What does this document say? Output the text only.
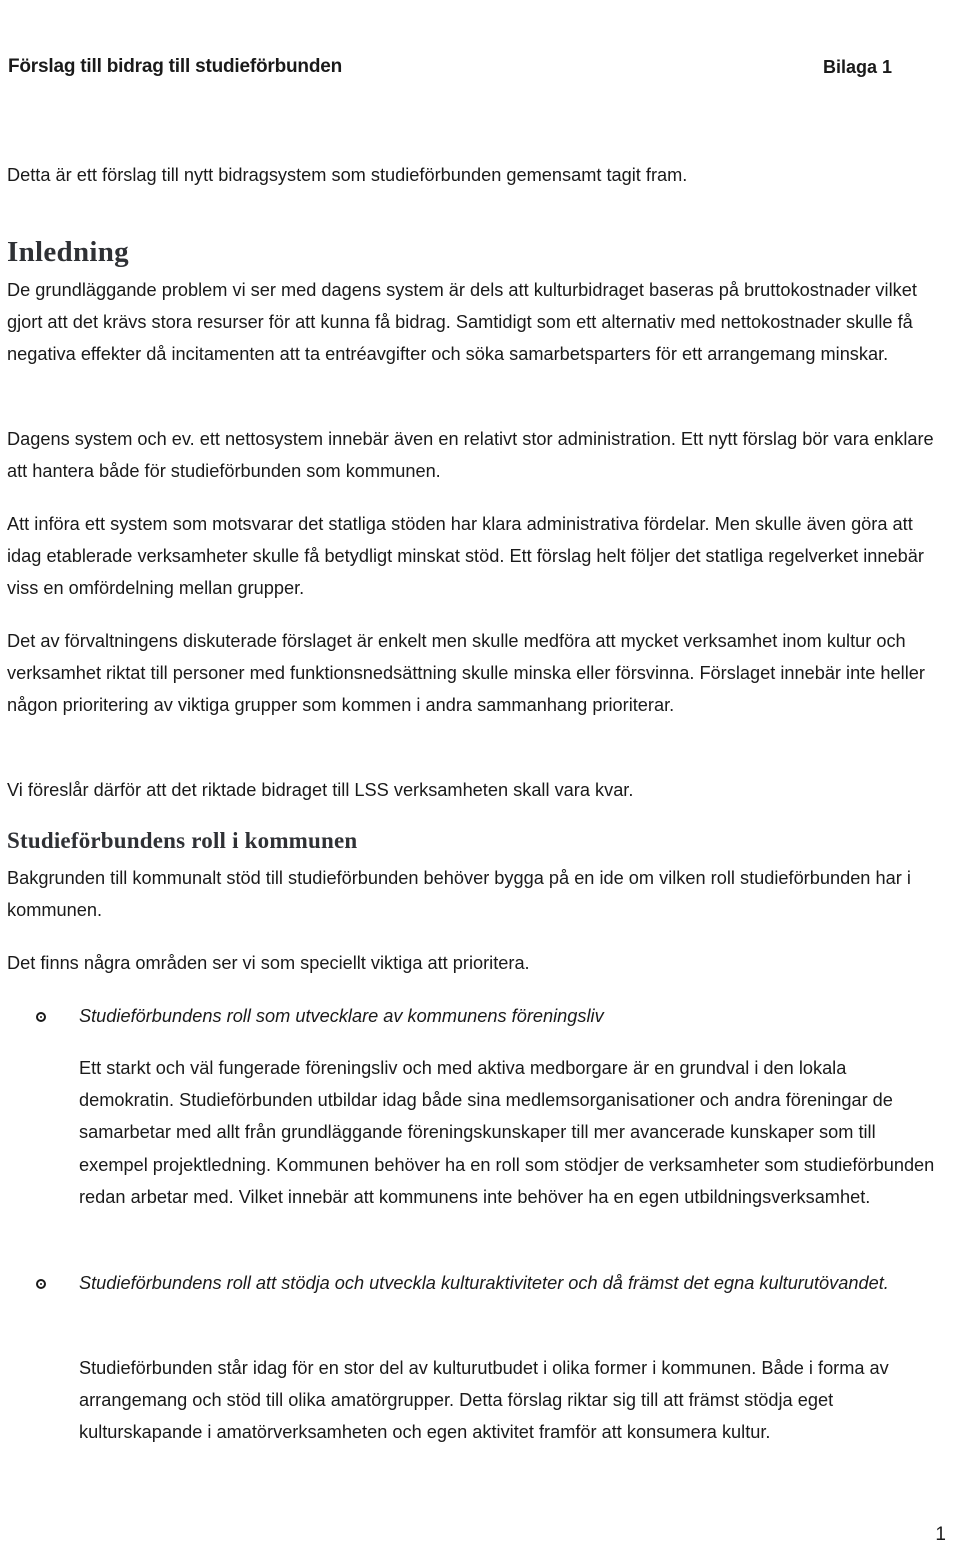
Förslag till bidrag till studieförbunden	Bilaga 1

Detta är ett förslag till nytt bidragsystem som studieförbunden gemensamt tagit fram.

Inledning

De grundläggande problem vi ser med dagens system är dels att kulturbidraget baseras på bruttokostnader vilket gjort att det krävs stora resurser för att kunna få bidrag. Samtidigt som ett alternativ med nettokostnader skulle få negativa effekter då incitamenten att ta entréavgifter och söka samarbetsparters för ett arrangemang minskar.

Dagens system och ev. ett nettosystem innebär även en relativt stor administration. Ett nytt förslag bör vara enklare att hantera både för studieförbunden som kommunen.

Att införa ett system som motsvarar det statliga stöden har klara administrativa fördelar. Men skulle även göra att idag etablerade verksamheter skulle få betydligt minskat stöd. Ett förslag helt följer det statliga regelverket innebär viss en omfördelning mellan grupper.

Det av förvaltningens diskuterade förslaget är enkelt men skulle medföra att mycket verksamhet inom kultur och verksamhet riktat till personer med funktionsnedsättning skulle minska eller försvinna. Förslaget innebär inte heller någon prioritering av viktiga grupper som kommen i andra sammanhang prioriterar.

Vi föreslår därför att det riktade bidraget till LSS verksamheten skall vara kvar.

Studieförbundens roll i kommunen

Bakgrunden till kommunalt stöd till studieförbunden behöver bygga på en ide om vilken roll studieförbunden har i kommunen.

Det finns några områden ser vi som speciellt viktiga att prioritera.

Studieförbundens roll som utvecklare av kommunens föreningsliv

Ett starkt och väl fungerade föreningsliv och med aktiva medborgare är en grundval i den lokala demokratin. Studieförbunden utbildar idag både sina medlemsorganisationer och andra föreningar de samarbetar med allt från grundläggande föreningskunskaper till mer avancerade kunskaper som till exempel projektledning. Kommunen behöver ha en roll som stödjer de verksamheter som studieförbunden redan arbetar med. Vilket innebär att kommunens inte behöver ha en egen utbildningsverksamhet.

Studieförbundens roll att stödja och utveckla kulturaktiviteter och då främst det egna kulturutövandet.

Studieförbunden står idag för en stor del av kulturutbudet i olika former i kommunen. Både i forma av arrangemang och stöd till olika amatörgrupper. Detta förslag riktar sig till att främst stödja eget kulturskapande i amatörverksamheten och egen aktivitet framför att konsumera kultur.

1
